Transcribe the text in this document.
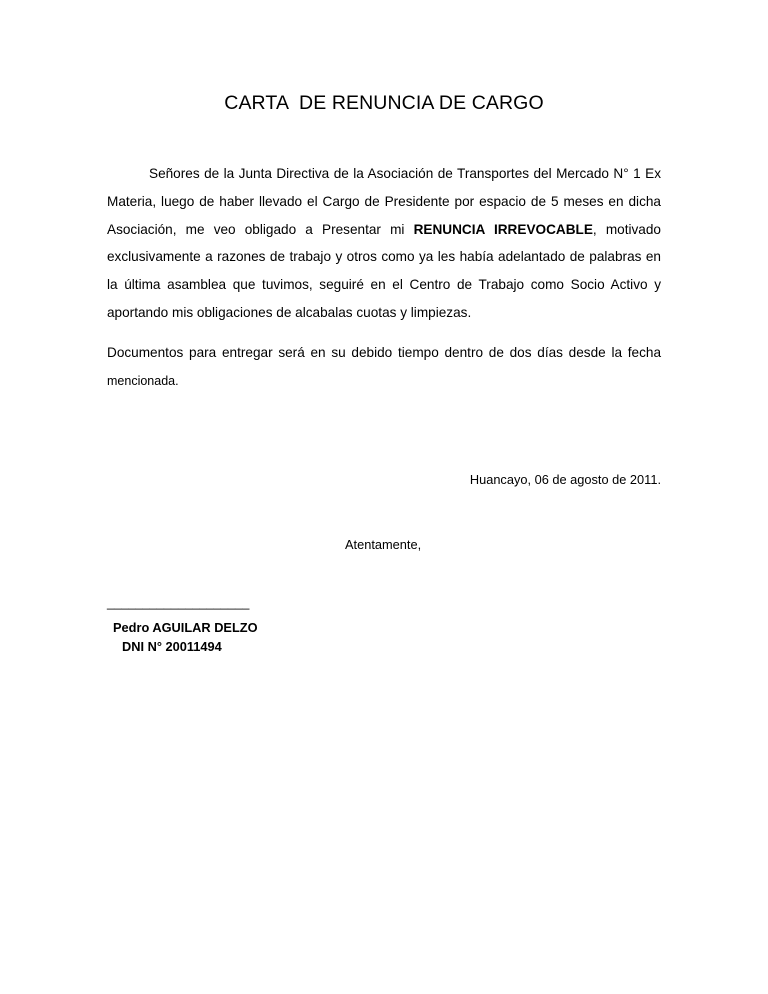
CARTA  DE RENUNCIA DE CARGO

Señores de la Junta Directiva de la Asociación de Transportes del Mercado N° 1 Ex Materia, luego de haber llevado el Cargo de Presidente por espacio de 5 meses en dicha Asociación, me veo obligado a Presentar mi RENUNCIA IRREVOCABLE, motivado exclusivamente a razones de trabajo y otros como ya les había adelantado de palabras en la última asamblea que tuvimos, seguiré en el Centro de Trabajo como Socio Activo y aportando mis obligaciones de alcabalas cuotas y limpiezas.

Documentos para entregar será en su debido tiempo dentro de dos días desde la fecha mencionada.

Huancayo, 06 de agosto de 2011.
Atentamente,
____________________
Pedro AGUILAR DELZO
DNI N° 20011494
